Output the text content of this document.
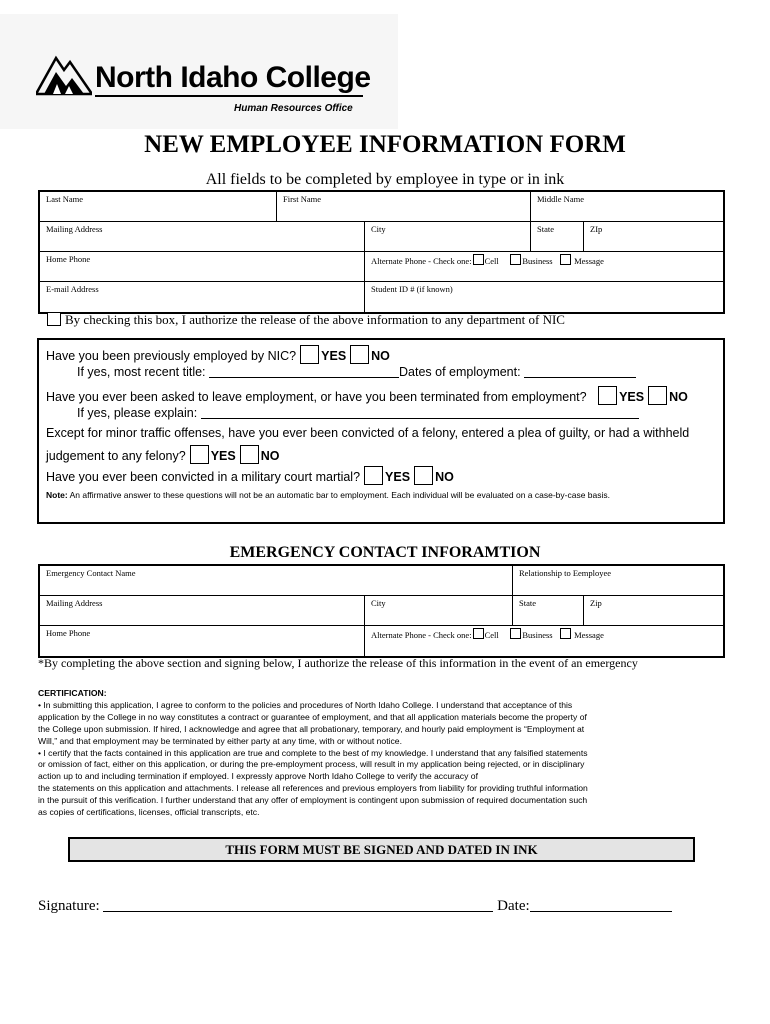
North Idaho College
Human Resources Office
NEW EMPLOYEE INFORMATION FORM
All fields to be completed by employee in type or in ink
Last Name	First Name	Middle Name
Mailing Address	City	State	ZIp
Home Phone	Alternate Phone - Check one: Cell	Business	Message
E-mail Address	Student ID # (if known)
By checking this box, I authorize the release of the above information to any department of NIC
Have you been previously employed by NIC? YES NO
If yes, most recent title:	Dates of employment:
Have you ever been asked to leave employment, or have you been terminated from employment?	YES NO
If yes, please explain:
Except for minor traffic offenses, have you ever been convicted of a felony, entered a plea of guilty, or had a withheld
judgement to any felony? YES NO
Have you ever been convicted in a military court martial? YES NO
Note: An affirmative answer to these questions will not be an automatic bar to employment. Each individual will be evaluated on a case-by-case basis.
EMERGENCY CONTACT INFORAMTION
Emergency Contact Name	Relationship to Eemployee
Mailing Address	City	State	Zip
Home Phone	Alternate Phone - Check one: Cell	Business	Message
*By completing the above section and signing below, I authorize the release of this information in the event of an emergency
CERTIFICATION:
• In submitting this application, I agree to conform to the policies and procedures of North Idaho College. I understand that acceptance of this
application by the College in no way constitutes a contract or guarantee of employment, and that all application materials become the property of
the College upon submission. If hired, I acknowledge and agree that all probationary, temporary, and hourly paid employment is “Employment at
Will,” and that employment may be terminated by either party at any time, with or without notice.
• I certify that the facts contained in this application are true and complete to the best of my knowledge. I understand that any falsified statements
or omission of fact, either on this application, or during the pre-employment process, will result in my application being rejected, or in disciplinary
action up to and including termination if employed. I expressly approve North Idaho College to verify the accuracy of
the statements on this application and attachments. I release all references and previous employers from liability for providing truthful information
in the pursuit of this verification. I further understand that any offer of employment is contingent upon submission of required documentation such
as copies of certifications, licenses, official transcripts, etc.
THIS FORM MUST BE SIGNED AND DATED IN INK
Signature:	Date:
